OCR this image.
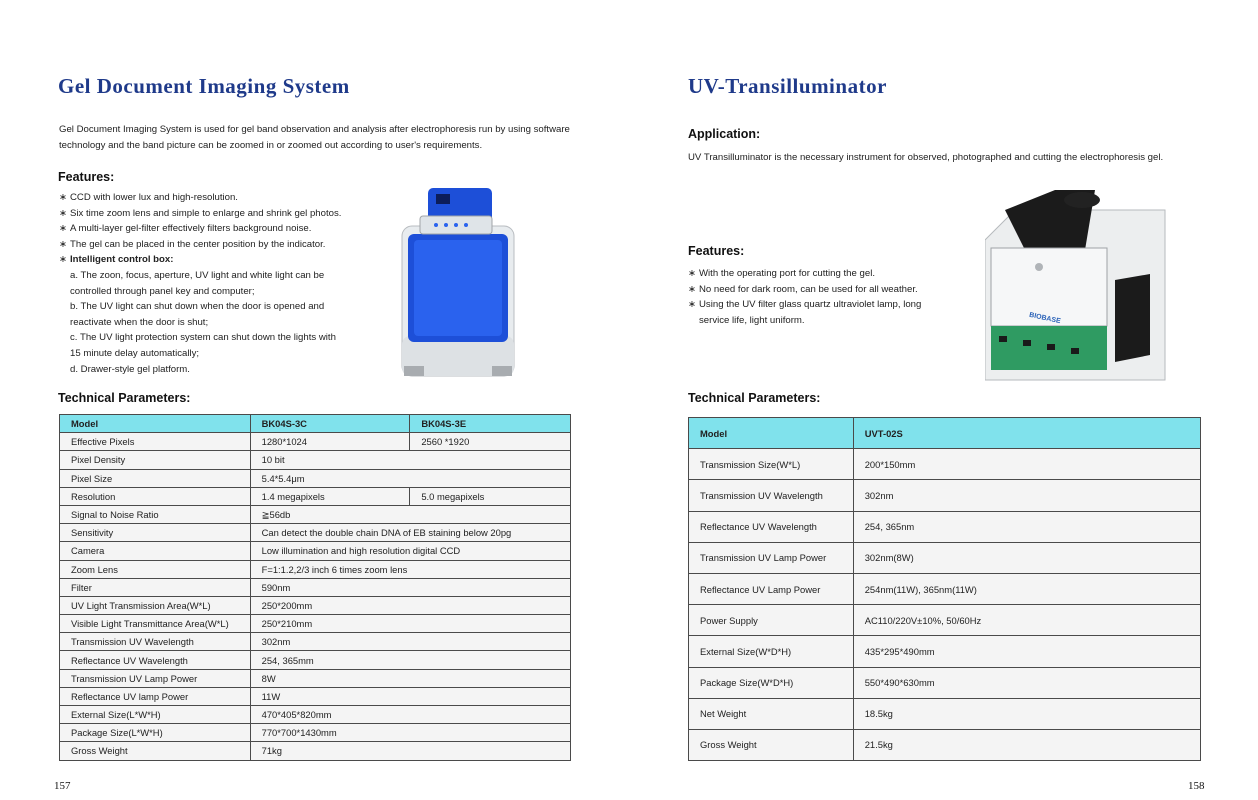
Gel Document Imaging System

Gel Document Imaging System is used for gel band observation and analysis after electrophoresis run by using software
technology and the band picture can be zoomed in or zoomed out according to user's requirements.

Features:
∗ CCD with lower lux and high-resolution.
∗ Six time zoom lens and simple to enlarge and shrink gel photos.
∗ A multi-layer gel-filter effectively filters background noise.
∗ The gel can be placed in the center position by the indicator.
∗ Intelligent control box:
a. The zoon, focus, aperture, UV light and white light can be
controlled through panel key and computer;
b. The UV light can shut down when the door is opened and
reactivate when the door is shut;
c. The UV light protection system can shut down the lights with
15 minute delay automatically;
d. Drawer-style gel platform.
Technical Parameters:
Model	BK04S-3C	BK04S-3E
Effective Pixels	1280*1024	2560 *1920
Pixel Density	10 bit	
Pixel Size	5.4*5.4μm	
Resolution	1.4 megapixels	5.0 megapixels
Signal to Noise Ratio	≧56db	
Sensitivity	Can detect the double chain DNA of EB staining below 20pg	
Camera	Low illumination and high resolution digital CCD	
Zoom Lens	F=1:1.2,2/3 inch 6 times zoom lens	
Filter	590nm	
UV Light Transmission Area(W*L)	250*200mm	
Visible Light Transmittance Area(W*L)	250*210mm	
Transmission UV Wavelength	302nm	
Reflectance UV Wavelength	254, 365mm	
Transmission UV Lamp Power	8W	
Reflectance UV lamp Power	11W	
External Size(L*W*H)	470*405*820mm	
Package Size(L*W*H)	770*700*1430mm	
Gross Weight	71kg	

157

UV-Transilluminator
Application:

UV Transilluminator is the necessary instrument for observed, photographed and cutting the electrophoresis gel.

Features:
∗ With the operating port for cutting the gel.
∗ No need for dark room, can be used for all weather.
∗ Using the UV filter glass quartz ultraviolet lamp, long
service life, light uniform.
Technical Parameters:
Model	UVT-02S
Transmission Size(W*L)	200*150mm
Transmission UV Wavelength	302nm
Reflectance UV Wavelength	254, 365nm
Transmission UV Lamp Power	302nm(8W)
Reflectance UV Lamp Power	254nm(11W), 365nm(11W)
Power Supply	AC110/220V±10%, 50/60Hz
External Size(W*D*H)	435*295*490mm
Package Size(W*D*H)	550*490*630mm
Net Weight	18.5kg
Gross Weight	21.5kg

158

BIOBASE
